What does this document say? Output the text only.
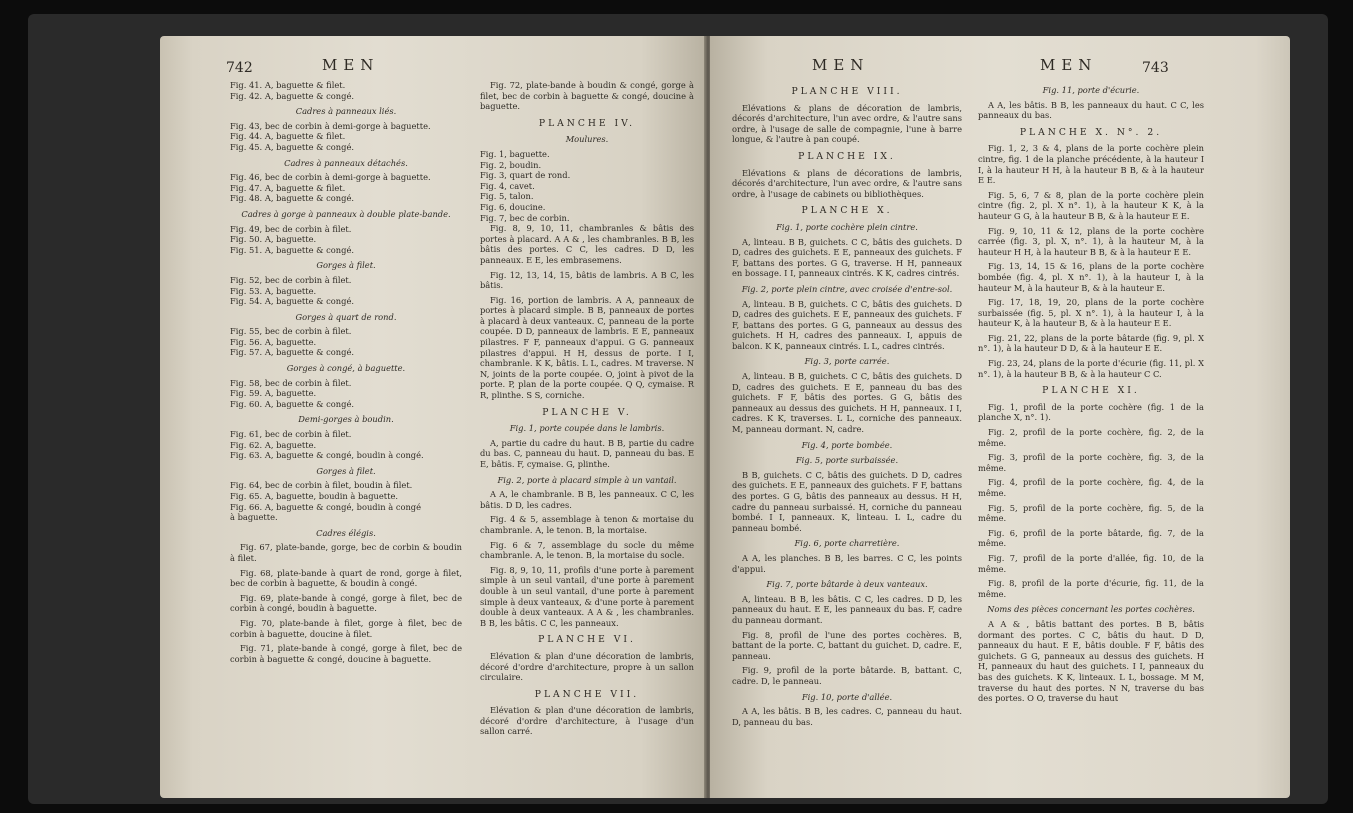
742	MEN

Fig. 41. A, baguette & filet.

Fig. 42. A, baguette & congé.

Cadres à panneaux liés.

Fig. 43, bec de corbin à demi-gorge à baguette.

Fig. 44. A, baguette & filet.

Fig. 45. A, baguette & congé.

Cadres à panneaux détachés.

Fig. 46, bec de corbin à demi-gorge à baguette.

Fig. 47. A, baguette & filet.

Fig. 48. A, baguette & congé.

Cadres à gorge à panneaux à double plate-bande.

Fig. 49, bec de corbin à filet.

Fig. 50. A, baguette.

Fig. 51. A, baguette & congé.

Gorges à filet.

Fig. 52, bec de corbin à filet.

Fig. 53. A, baguette.

Fig. 54. A, baguette & congé.

Gorges à quart de rond.

Fig. 55, bec de corbin à filet.

Fig. 56. A, baguette.

Fig. 57. A, baguette & congé.

Gorges à congé, à baguette.

Fig. 58, bec de corbin à filet.

Fig. 59. A, baguette.

Fig. 60. A, baguette & congé.

Demi-gorges à boudin.

Fig. 61, bec de corbin à filet.

Fig. 62. A, baguette.

Fig. 63. A, baguette & congé, boudin à congé.

Gorges à filet.

Fig. 64, bec de corbin à filet, boudin à filet.

Fig. 65. A, baguette, boudin à baguette.

Fig. 66. A, baguette & congé, boudin à congé

à baguette.

Cadres élégis.

Fig. 67, plate-bande, gorge, bec de corbin & boudin à filet.

Fig. 68, plate-bande à quart de rond, gorge à filet, bec de corbin à baguette, & boudin à congé.

Fig. 69, plate-bande à congé, gorge à filet, bec de corbin à congé, boudin à baguette.

Fig. 70, plate-bande à filet, gorge à filet, bec de corbin à baguette, doucine à filet.

Fig. 71, plate-bande à congé, gorge à filet, bec de corbin à baguette & congé, doucine à baguette.

Fig. 72, plate-bande à boudin & congé, gorge à filet, bec de corbin à baguette & congé, doucine à baguette.

PLANCHE IV.

Moulures.

Fig. 1, baguette.

Fig. 2, boudin.

Fig. 3, quart de rond.

Fig. 4, cavet.

Fig. 5, talon.

Fig. 6, doucine.

Fig. 7, bec de corbin.

Fig. 8, 9, 10, 11, chambranles & bâtis des portes à placard. A A & , les chambranles. B B, les bâtis des portes. C C, les cadres. D D, les panneaux. E E, les embrasemens.

Fig. 12, 13, 14, 15, bâtis de lambris. A B C, les bâtis.

Fig. 16, portion de lambris. A A, panneaux de portes à placard simple. B B, panneaux de portes à placard à deux vanteaux. C, panneau de la porte coupée. D D, panneaux de lambris. E E, panneaux pilastres. F F, panneaux d'appui. G G. panneaux pilastres d'appui. H H, dessus de porte. I I, chambranle. K K, bâtis. L L, cadres. M traverse. N N, joints de la porte coupée. O, joint à pivot de la porte. P, plan de la porte coupée. Q Q, cymaise. R R, plinthe. S S, corniche.

PLANCHE V.

Fig. 1, porte coupée dans le lambris.

A, partie du cadre du haut. B B, partie du cadre du bas. C, panneau du haut. D, panneau du bas. E E, bâtis. F, cymaise. G, plinthe.

Fig. 2, porte à placard simple à un vantail.

A A, le chambranle. B B, les panneaux. C C, les bâtis. D D, les cadres.

Fig. 4 & 5, assemblage à tenon & mortaise du chambranle. A, le tenon. B, la mortaise.

Fig. 6 & 7, assemblage du socle du même chambranle. A, le tenon. B, la mortaise du socle.

Fig. 8, 9, 10, 11, profils d'une porte à parement simple à un seul vantail, d'une porte à parement double à un seul vantail, d'une porte à parement simple à deux vanteaux, & d'une porte à parement double à deux vanteaux. A A & , les chambranles. B B, les bâtis. C C, les panneaux.

PLANCHE VI.

Elévation & plan d'une décoration de lambris, décoré d'ordre d'architecture, propre à un sallon circulaire.

PLANCHE VII.

Elévation & plan d'une décoration de lambris, décoré d'ordre d'architecture, à l'usage d'un sallon carré.

MEN	MEN	743

PLANCHE VIII.

Elévations & plans de décoration de lambris, décorés d'architecture, l'un avec ordre, & l'autre sans ordre, à l'usage de salle de compagnie, l'une à barre longue, & l'autre à pan coupé.

PLANCHE IX.

Elévations & plans de décorations de lambris, décorés d'architecture, l'un avec ordre, & l'autre sans ordre, à l'usage de cabinets ou bibliothèques.

PLANCHE X.

Fig. 1, porte cochère plein cintre.

A, linteau. B B, guichets. C C, bâtis des guichets. D D, cadres des guichets. E E, panneaux des guichets. F F, battans des portes. G G, traverse. H H, panneaux en bossage. I I, panneaux cintrés. K K, cadres cintrés.

Fig. 2, porte plein cintre, avec croisée d'entre-sol.

A, linteau. B B, guichets. C C, bâtis des guichets. D D, cadres des guichets. E E, panneaux des guichets. F F, battans des portes. G G, panneaux au dessus des guichets. H H, cadres des panneaux. I, appuis de balcon. K K, panneaux cintrés. L L, cadres cintrés.

Fig. 3, porte carrée.

A, linteau. B B, guichets. C C, bâtis des guichets. D D, cadres des guichets. E E, panneau du bas des guichets. F F, bâtis des portes. G G, bâtis des panneaux au dessus des guichets. H H, panneaux. I I, cadres. K K, traverses. L L, corniche des panneaux. M, panneau dormant. N, cadre.

Fig. 4, porte bombée.

Fig. 5, porte surbaissée.

B B, guichets. C C, bâtis des guichets. D D, cadres des guichets. E E, panneaux des guichets. F F, battans des portes. G G, bâtis des panneaux au dessus. H H, cadre du panneau surbaissé. H, corniche du panneau bombé. I I, panneaux. K, linteau. L L, cadre du panneau bombé.

Fig. 6, porte charretière.

A A, les planches. B B, les barres. C C, les points d'appui.

Fig. 7, porte bâtarde à deux vanteaux.

A, linteau. B B, les bâtis. C C, les cadres. D D, les panneaux du haut. E E, les panneaux du bas. F, cadre du panneau dormant.

Fig. 8, profil de l'une des portes cochères. B, battant de la porte. C, battant du guichet. D, cadre. E, panneau.

Fig. 9, profil de la porte bâtarde. B, battant. C, cadre. D, le panneau.

Fig. 10, porte d'allée.

A A, les bâtis. B B, les cadres. C, panneau du haut. D, panneau du bas.

Fig. 11, porte d'écurie.

A A, les bâtis. B B, les panneaux du haut. C C, les panneaux du bas.

PLANCHE X. N°. 2.

Fig. 1, 2, 3 & 4, plans de la porte cochère plein cintre, fig. 1 de la planche précédente, à la hauteur I I, à la hauteur H H, à la hauteur B B, & à la hauteur E E.

Fig. 5, 6, 7 & 8, plan de la porte cochère plein cintre (fig. 2, pl. X n°. 1), à la hauteur K K, à la hauteur G G, à la hauteur B B, & à la hauteur E E.

Fig. 9, 10, 11 & 12, plans de la porte cochère carrée (fig. 3, pl. X, n°. 1), à la hauteur M, à la hauteur H H, à la hauteur B B, & à la hauteur E E.

Fig. 13, 14, 15 & 16, plans de la porte cochère bombée (fig. 4, pl. X n°. 1), à la hauteur I, à la hauteur M, à la hauteur B, & à la hauteur E.

Fig. 17, 18, 19, 20, plans de la porte cochère surbaissée (fig. 5, pl. X n°. 1), à la hauteur I, à la hauteur K, à la hauteur B, & à la hauteur E E.

Fig. 21, 22, plans de la porte bâtarde (fig. 9, pl. X n°. 1), à la hauteur D D, & à la hauteur E E.

Fig. 23, 24, plans de la porte d'écurie (fig. 11, pl. X n°. 1), à la hauteur B B, & à la hauteur C C.

PLANCHE XI.

Fig. 1, profil de la porte cochère (fig. 1 de la planche X, n°. 1).

Fig. 2, profil de la porte cochère, fig. 2, de la même.

Fig. 3, profil de la porte cochère, fig. 3, de la même.

Fig. 4, profil de la porte cochère, fig. 4, de la même.

Fig. 5, profil de la porte cochère, fig. 5, de la même.

Fig. 6, profil de la porte bâtarde, fig. 7, de la même.

Fig. 7, profil de la porte d'allée, fig. 10, de la même.

Fig. 8, profil de la porte d'écurie, fig. 11, de la même.

Noms des pièces concernant les portes cochères.

A A & , bâtis battant des portes. B B, bâtis dormant des portes. C C, bâtis du haut. D D, panneaux du haut. E E, bâtis double. F F, bâtis des guichets. G G, panneaux au dessus des guichets. H H, panneaux du haut des guichets. I I, panneaux du bas des guichets. K K, linteaux. L L, bossage. M M, traverse du haut des portes. N N, traverse du bas des portes. O O, traverse du haut
